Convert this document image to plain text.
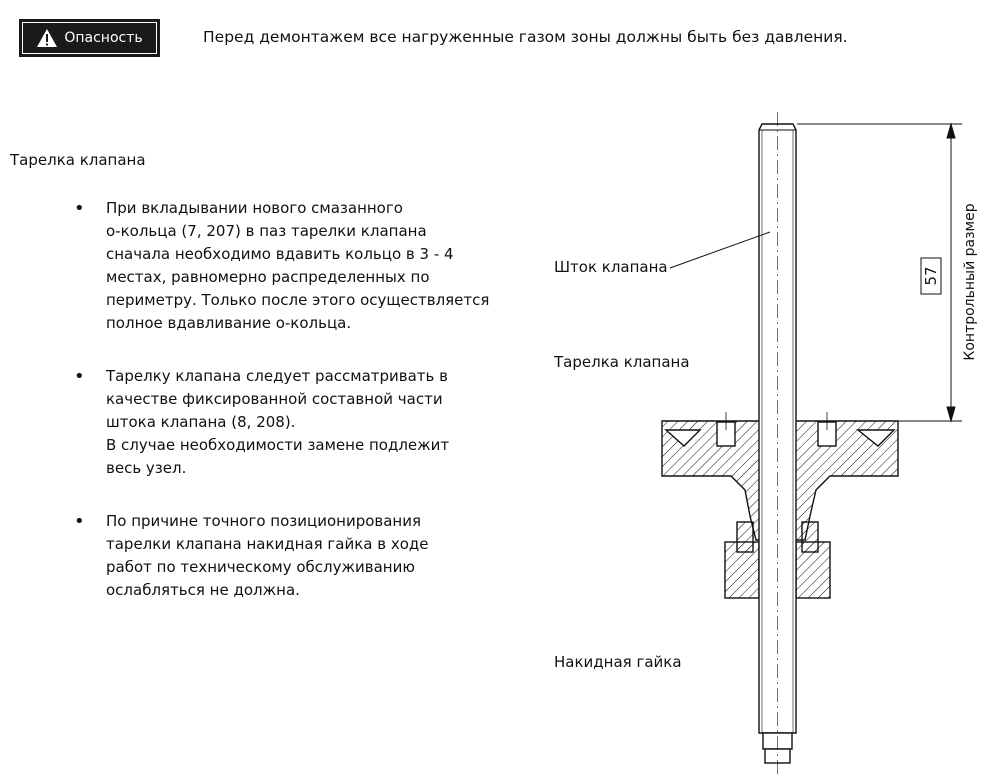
Опасность	Перед демонтажем все нагруженные газом зоны должны быть без давления.
Тарелка клапана
• При вкладывании нового смазанного
о-кольца (7, 207) в паз тарелки клапана
сначала необходимо вдавить кольцо в 3 - 4
местах, равномерно распределенных по
периметру. Только после этого осуществляется
полное вдавливание о-кольца.
• Тарелку клапана следует рассматривать в
качестве фиксированной составной части
штока клапана (8, 208).
В случае необходимости замене подлежит
весь узел.
• По причине точного позиционирования
тарелки клапана накидная гайка в ходе
работ по техническому обслуживанию
ослабляться не должна.
57 Контрольный размер
Шток клапана
Тарелка клапана
Накидная гайка
